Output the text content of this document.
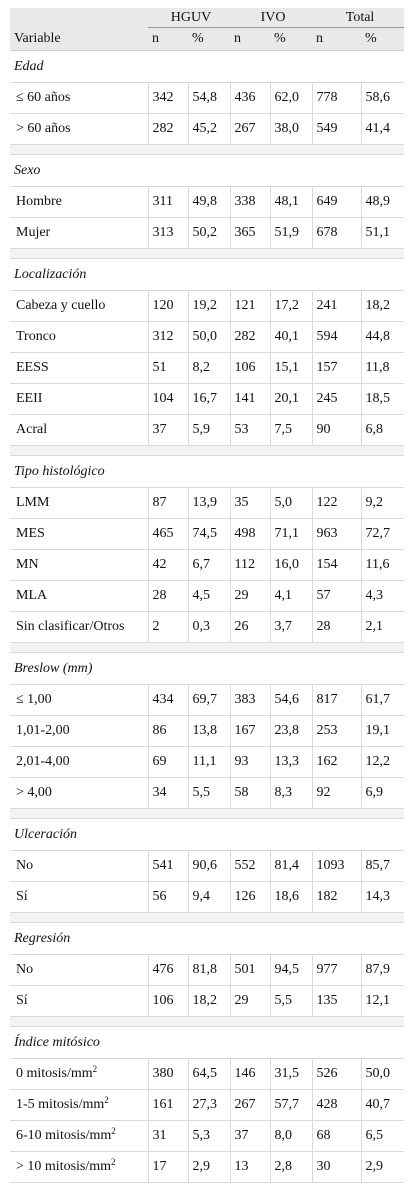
	HGUV		IVO		Total	
Variable	n	%	n	%	n	%
Edad						
≤ 60 años	342	54,8	436	62,0	778	58,6
> 60 años	282	45,2	267	38,0	549	41,4

Sexo						
Hombre	311	49,8	338	48,1	649	48,9
Mujer	313	50,2	365	51,9	678	51,1

Localización						
Cabeza y cuello	120	19,2	121	17,2	241	18,2
Tronco	312	50,0	282	40,1	594	44,8
EESS	51	8,2	106	15,1	157	11,8
EEII	104	16,7	141	20,1	245	18,5
Acral	37	5,9	53	7,5	90	6,8

Tipo histológico						
LMM	87	13,9	35	5,0	122	9,2
MES	465	74,5	498	71,1	963	72,7
MN	42	6,7	112	16,0	154	11,6
MLA	28	4,5	29	4,1	57	4,3
Sin clasificar/Otros	2	0,3	26	3,7	28	2,1

Breslow (mm)						
≤ 1,00	434	69,7	383	54,6	817	61,7
1,01-2,00	86	13,8	167	23,8	253	19,1
2,01-4,00	69	11,1	93	13,3	162	12,2
> 4,00	34	5,5	58	8,3	92	6,9

Ulceración						
No	541	90,6	552	81,4	1093	85,7
Sí	56	9,4	126	18,6	182	14,3

Regresión						
No	476	81,8	501	94,5	977	87,9
Sí	106	18,2	29	5,5	135	12,1

Índice mitósico						
0 mitosis/$mm^2$	380	64,5	146	31,5	526	50,0
1-5 mitosis/$mm^2$	161	27,3	267	57,7	428	40,7
6-10 mitosis/$mm^2$	31	5,3	37	8,0	68	6,5
> 10 mitosis/$mm^2$	17	2,9	13	2,8	30	2,9
